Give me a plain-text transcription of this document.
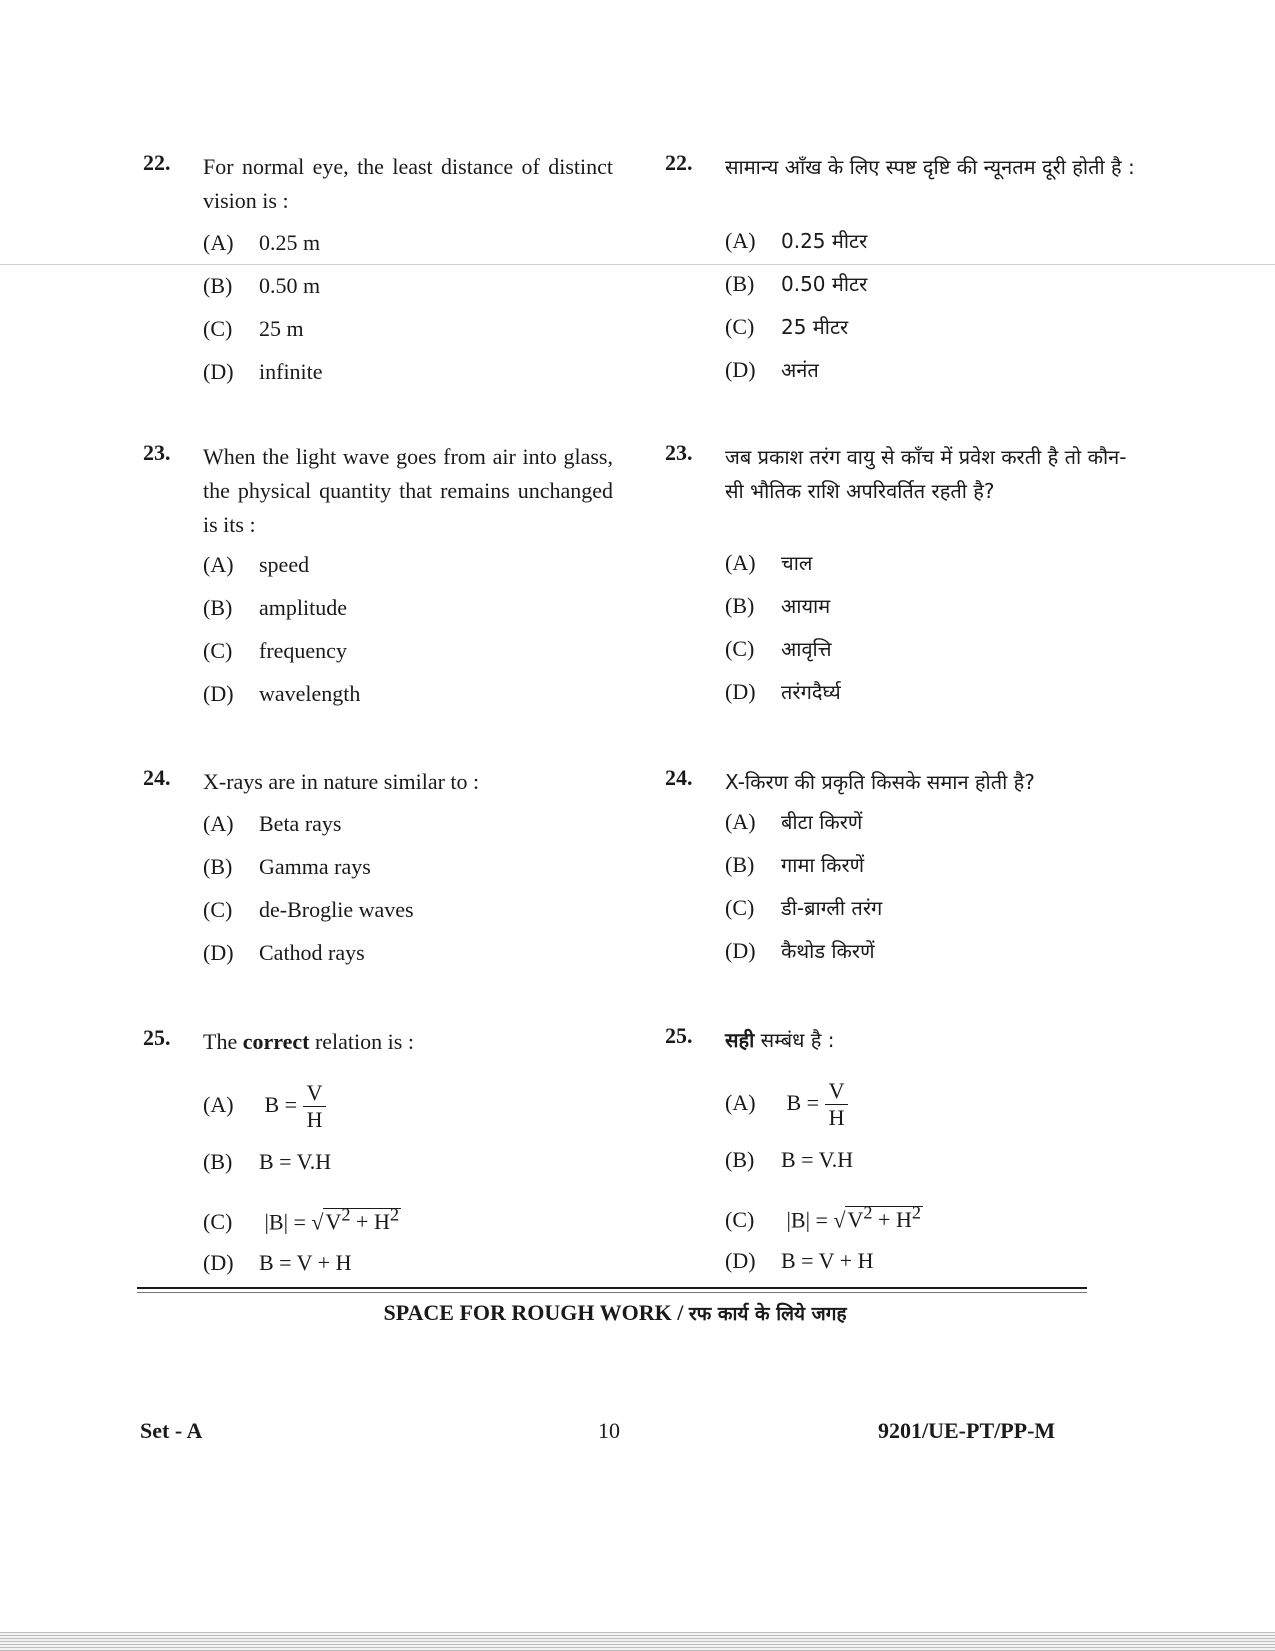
22. For normal eye, the least distance of distinct vision is :
(A) 0.25 m
(B) 0.50 m
(C) 25 m
(D) infinite
22. सामान्य आँख के लिए स्पष्ट दृष्टि की न्यूनतम दूरी होती है :
(A) 0.25 मीटर
(B) 0.50 मीटर
(C) 25 मीटर
(D) अनंत
23. When the light wave goes from air into glass, the physical quantity that remains unchanged is its :
(A) speed
(B) amplitude
(C) frequency
(D) wavelength
23. जब प्रकाश तरंग वायु से काँच में प्रवेश करती है तो कौन-सी भौतिक राशि अपरिवर्तित रहती है?
(A) चाल
(B) आयाम
(C) आवृत्ति
(D) तरंगदैर्घ्य
24. X-rays are in nature similar to :
(A) Beta rays
(B) Gamma rays
(C) de-Broglie waves
(D) Cathod rays
24. X-किरण की प्रकृति किसके समान होती है?
(A) बीटा किरणें
(B) गामा किरणें
(C) डी-ब्राग्ली तरंग
(D) कैथोड किरणें
25. The correct relation is :
(A) $B = \frac{V}{H}$
(B) B = V.H
(C) $|B| = √V^2 + H^2$
(D) B = V + H
25. सही सम्बंध है :
(A) $B = \frac{V}{H}$
(B) B = V.H
(C) $|B| = √V^2 + H^2$
(D) B = V + H
SPACE FOR ROUGH WORK / रफ कार्य के लिये जगह
Set - A	10	9201/UE-PT/PP-M
